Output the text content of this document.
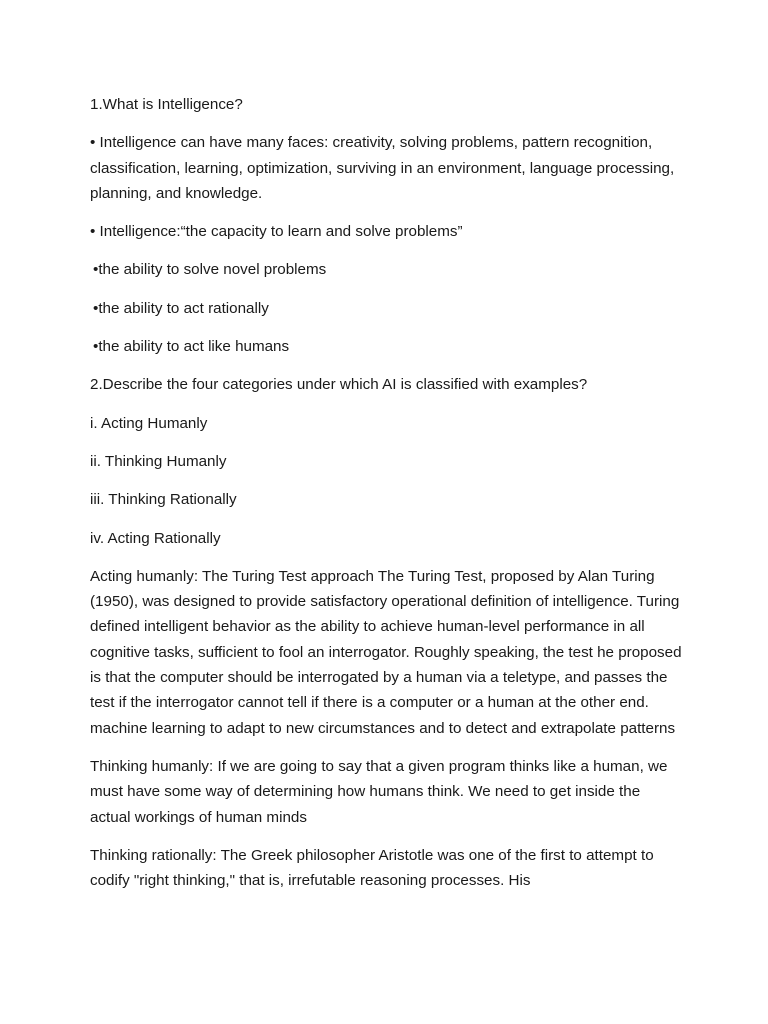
1.What is Intelligence?

• Intelligence can have many faces: creativity, solving problems, pattern recognition, classification, learning, optimization, surviving in an environment, language processing, planning, and knowledge.

• Intelligence:“the capacity to learn and solve problems”

•the ability to solve novel problems

•the ability to act rationally

•the ability to act like humans

2.Describe the four categories under which AI is classified with examples?

i. Acting Humanly

ii. Thinking Humanly

iii. Thinking Rationally

iv. Acting Rationally

Acting humanly: The Turing Test approach The Turing Test, proposed by Alan Turing (1950), was designed to provide satisfactory operational definition of intelligence. Turing defined intelligent behavior as the ability to achieve human-level performance in all cognitive tasks, sufficient to fool an interrogator. Roughly speaking, the test he proposed is that the computer should be interrogated by a human via a teletype, and passes the test if the interrogator cannot tell if there is a computer or a human at the other end. machine learning to adapt to new circumstances and to detect and extrapolate patterns

Thinking humanly: If we are going to say that a given program thinks like a human, we must have some way of determining how humans think. We need to get inside the actual workings of human minds

Thinking rationally: The Greek philosopher Aristotle was one of the first to attempt to codify "right thinking," that is, irrefutable reasoning processes. His
